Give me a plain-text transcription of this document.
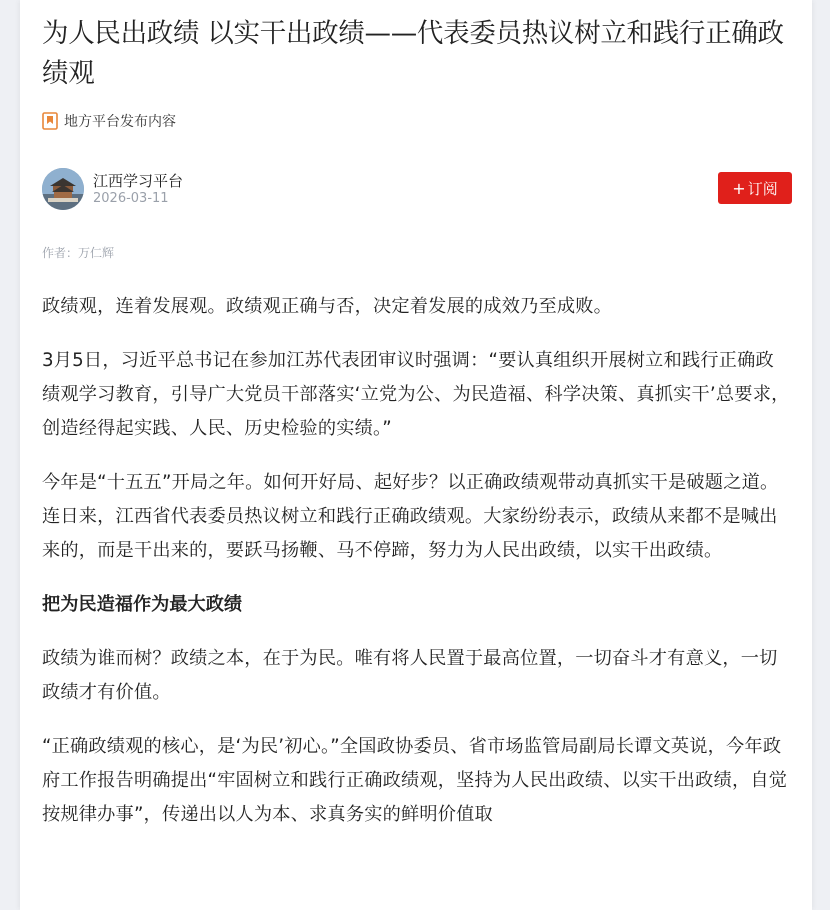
为人民出政绩 以实干出政绩——代表委员热议树立和践行正确政绩观
地方平台发布内容
江西学习平台
2026-03-11
+ 订阅
作者：万仁辉

政绩观，连着发展观。政绩观正确与否，决定着发展的成效乃至成败。

3月5日，习近平总书记在参加江苏代表团审议时强调：“要认真组织开展树立和践行正确政绩观学习教育，引导广大党员干部落实‘立党为公、为民造福、科学决策、真抓实干’总要求，创造经得起实践、人民、历史检验的实绩。”

今年是“十五五”开局之年。如何开好局、起好步？以正确政绩观带动真抓实干是破题之道。连日来，江西省代表委员热议树立和践行正确政绩观。大家纷纷表示，政绩从来都不是喊出来的，而是干出来的，要跃马扬鞭、马不停蹄，努力为人民出政绩，以实干出政绩。

把为民造福作为最大政绩

政绩为谁而树？政绩之本，在于为民。唯有将人民置于最高位置，一切奋斗才有意义，一切政绩才有价值。

“正确政绩观的核心，是‘为民’初心。”全国政协委员、省市场监管局副局长谭文英说，今年政府工作报告明确提出“牢固树立和践行正确政绩观，坚持为人民出政绩、以实干出政绩，自觉按规律办事”，传递出以人为本、求真务实的鲜明价值取
